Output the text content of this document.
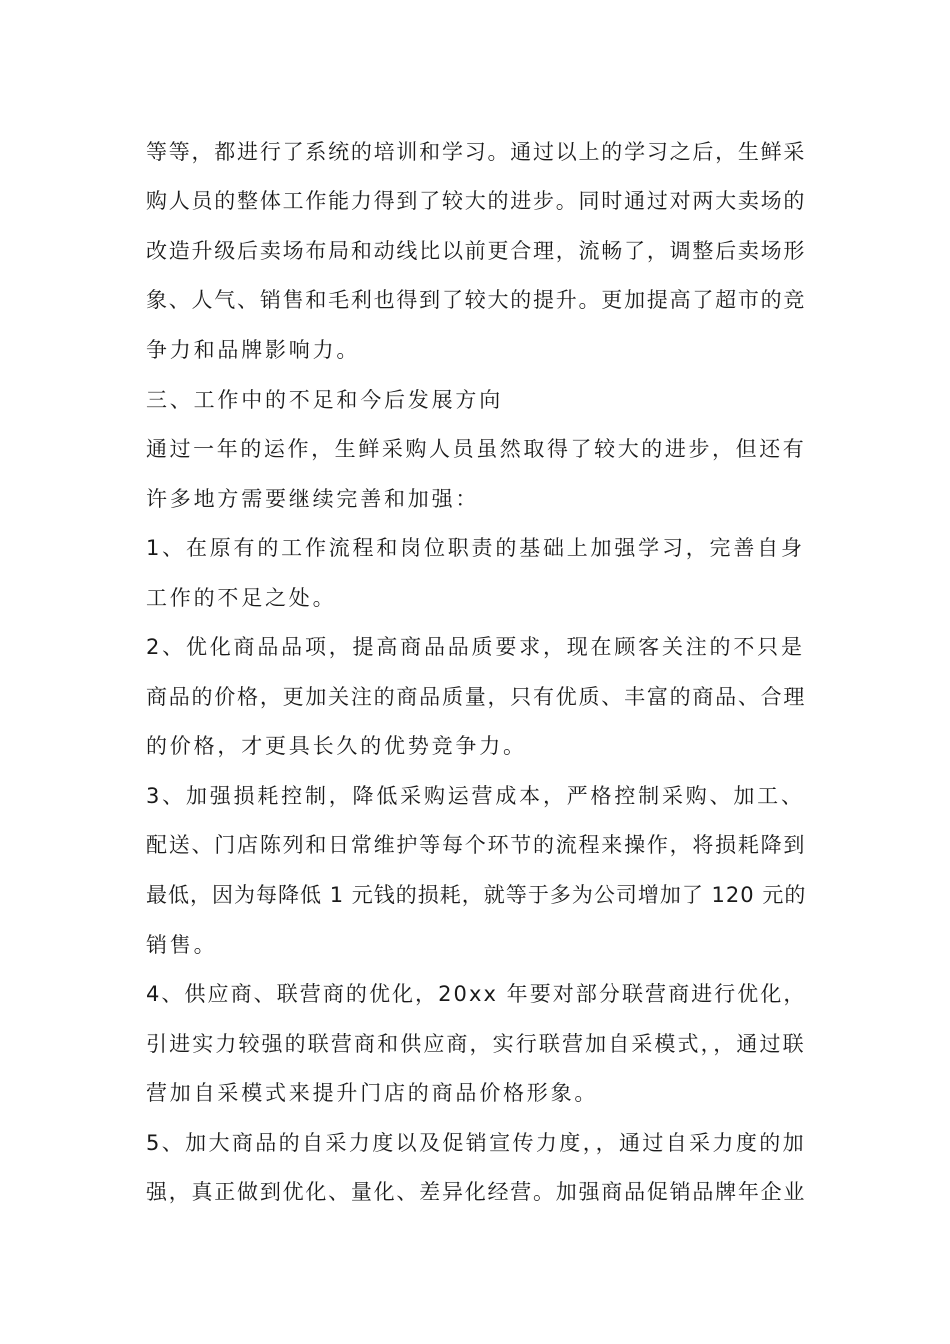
等等，都进行了系统的培训和学习。通过以上的学习之后，生鲜采
购人员的整体工作能力得到了较大的进步。同时通过对两大卖场的
改造升级后卖场布局和动线比以前更合理，流畅了，调整后卖场形
象、人气、销售和毛利也得到了较大的提升。更加提高了超市的竞
争力和品牌影响力。
三、工作中的不足和今后发展方向
通过一年的运作，生鲜采购人员虽然取得了较大的进步，但还有
许多地方需要继续完善和加强：
1、在原有的工作流程和岗位职责的基础上加强学习，完善自身
工作的不足之处。
2、优化商品品项，提高商品品质要求，现在顾客关注的不只是
商品的价格，更加关注的商品质量，只有优质、丰富的商品、合理
的价格，才更具长久的优势竞争力。
3、加强损耗控制，降低采购运营成本，严格控制采购、加工、
配送、门店陈列和日常维护等每个环节的流程来操作，将损耗降到
最低，因为每降低 1 元钱的损耗，就等于多为公司增加了 120 元的
销售。
4、供应商、联营商的优化，20xx 年要对部分联营商进行优化，
引进实力较强的联营商和供应商，实行联营加自采模式，，通过联
营加自采模式来提升门店的商品价格形象。
5、加大商品的自采力度以及促销宣传力度，，通过自采力度的加
强，真正做到优化、量化、差异化经营。加强商品促销品牌年企业
